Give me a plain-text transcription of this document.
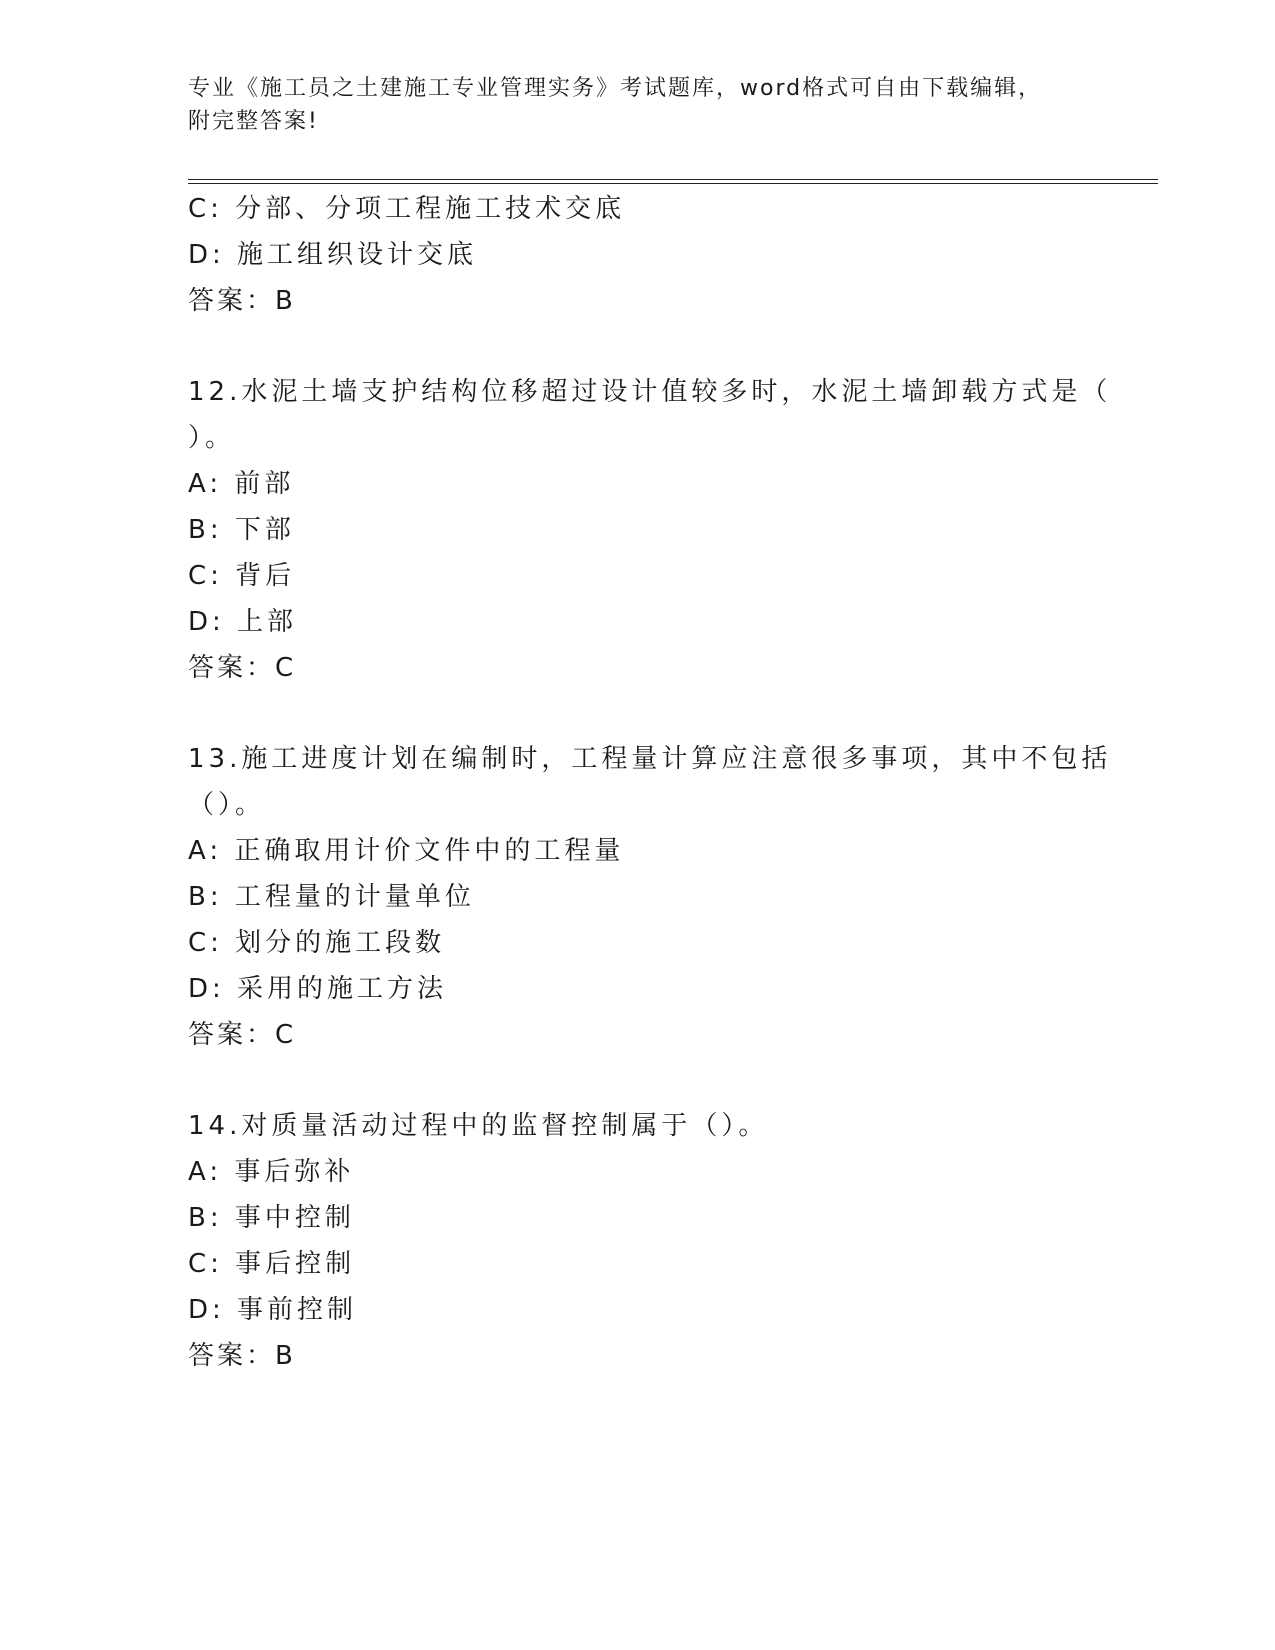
专业《施工员之土建施工专业管理实务》考试题库，word格式可自由下载编辑，
附完整答案!
C: 分部、分项工程施工技术交底
D: 施工组织设计交底
答案：B
12.水泥土墙支护结构位移超过设计值较多时，水泥土墙卸载方式是（
）。
A: 前部
B: 下部
C: 背后
D: 上部
答案：C
13.施工进度计划在编制时，工程量计算应注意很多事项，其中不包括
（）。
A: 正确取用计价文件中的工程量
B: 工程量的计量单位
C: 划分的施工段数
D: 采用的施工方法
答案：C
14.对质量活动过程中的监督控制属于（）。
A: 事后弥补
B: 事中控制
C: 事后控制
D: 事前控制
答案：B
